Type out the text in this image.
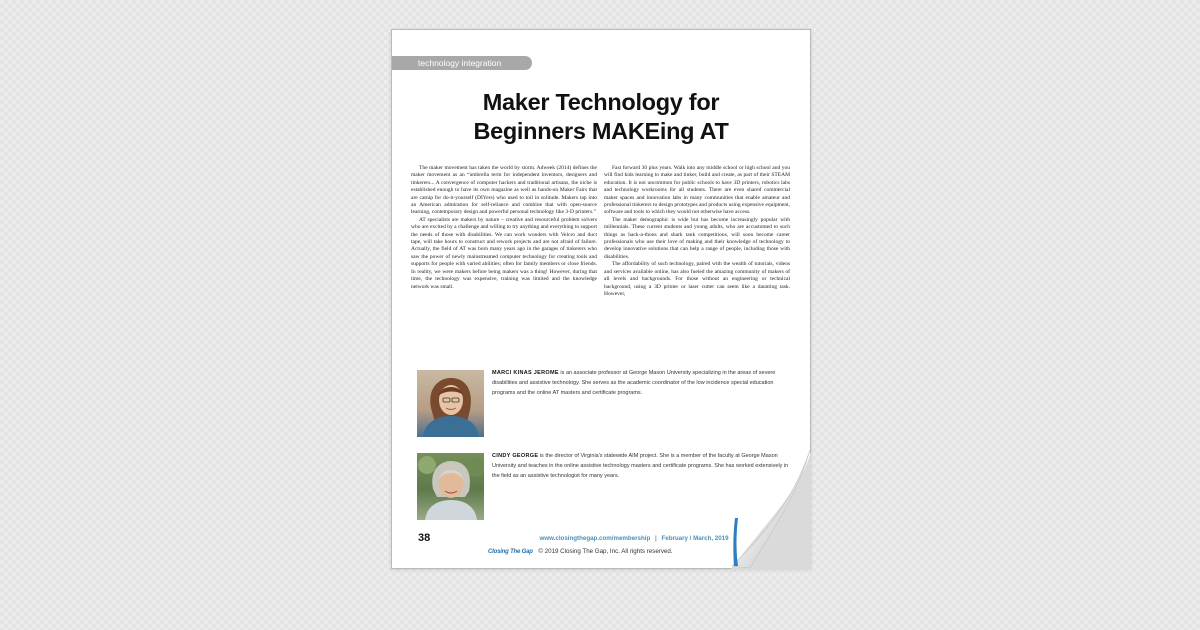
technology integration
Maker Technology for
Beginners MAKEing AT

The maker movement has taken the world by storm. Adweek (2014) defines the maker movement as an “umbrella term for independent inventors, designers and tinkerers... A convergence of computer hackers and traditional artisans, the niche is established enough to have its own magazine as well as hands-on Maker Fairs that are catnip for do-it-yourself (DIYers) who used to toil in solitude. Makers tap into an American admiration for self-reliance and combine that with open-source learning, contemporary design and powerful personal technology like 3-D printers.”

AT specialists are makers by nature – creative and resourceful problem solvers who are excited by a challenge and willing to try anything and everything to support the needs of those with disabilities. We can work wonders with Velcro and duct tape, will take hours to construct and rework projects and are not afraid of failure. Actually, the field of AT was born many years ago in the garages of tinkerers who saw the power of newly mainstreamed computer technology for creating tools and supports for people with varied abilities; often for family members or close friends. In reality, we were makers before being makers was a thing! However, during that time, the technology was expensive, training was limited and the knowledge network was small.

Fast forward 30 plus years. Walk into any middle school or high school and you will find kids learning to make and tinker, build and create, as part of their STEAM education. It is not uncommon for public schools to have 3D printers, robotics labs and technology workrooms for all students. There are even shared commercial maker spaces and innovation labs in many communities that enable amateur and professional tinkerers to design prototypes and products using expensive equipment, software and tools to which they would not otherwise have access.

The maker demographic is wide but has become increasingly popular with millennials. These current students and young adults, who are accustomed to such things as hack-a-thons and shark tank competitions, will soon become career professionals who use their love of making and their knowledge of technology to develop innovative solutions that can help a range of people, including those with disabilities.

The affordability of such technology, paired with the wealth of tutorials, videos and services available online, has also fueled the amazing community of makers of all levels and backgrounds. For those without an engineering or technical background, using a 3D printer or laser cutter can seem like a daunting task. However,

MARCI KINAS JEROME is an associate professor at George Mason University specializing in the areas of severe disabilities and assistive technology. She serves as the academic coordinator of the low incidence special education programs and the online AT masters and certificate programs.
CINDY GEORGE is the director of Virginia's statewide AIM project. She is a member of the faculty at George Mason University and teaches in the online assistive technology masters and certificate programs. She has worked extensively in the field as an assistive technologist for many years.
38	www.closingthegap.com/membership | February / March, 2019
Closing The Gap © 2019 Closing The Gap, Inc. All rights reserved.
